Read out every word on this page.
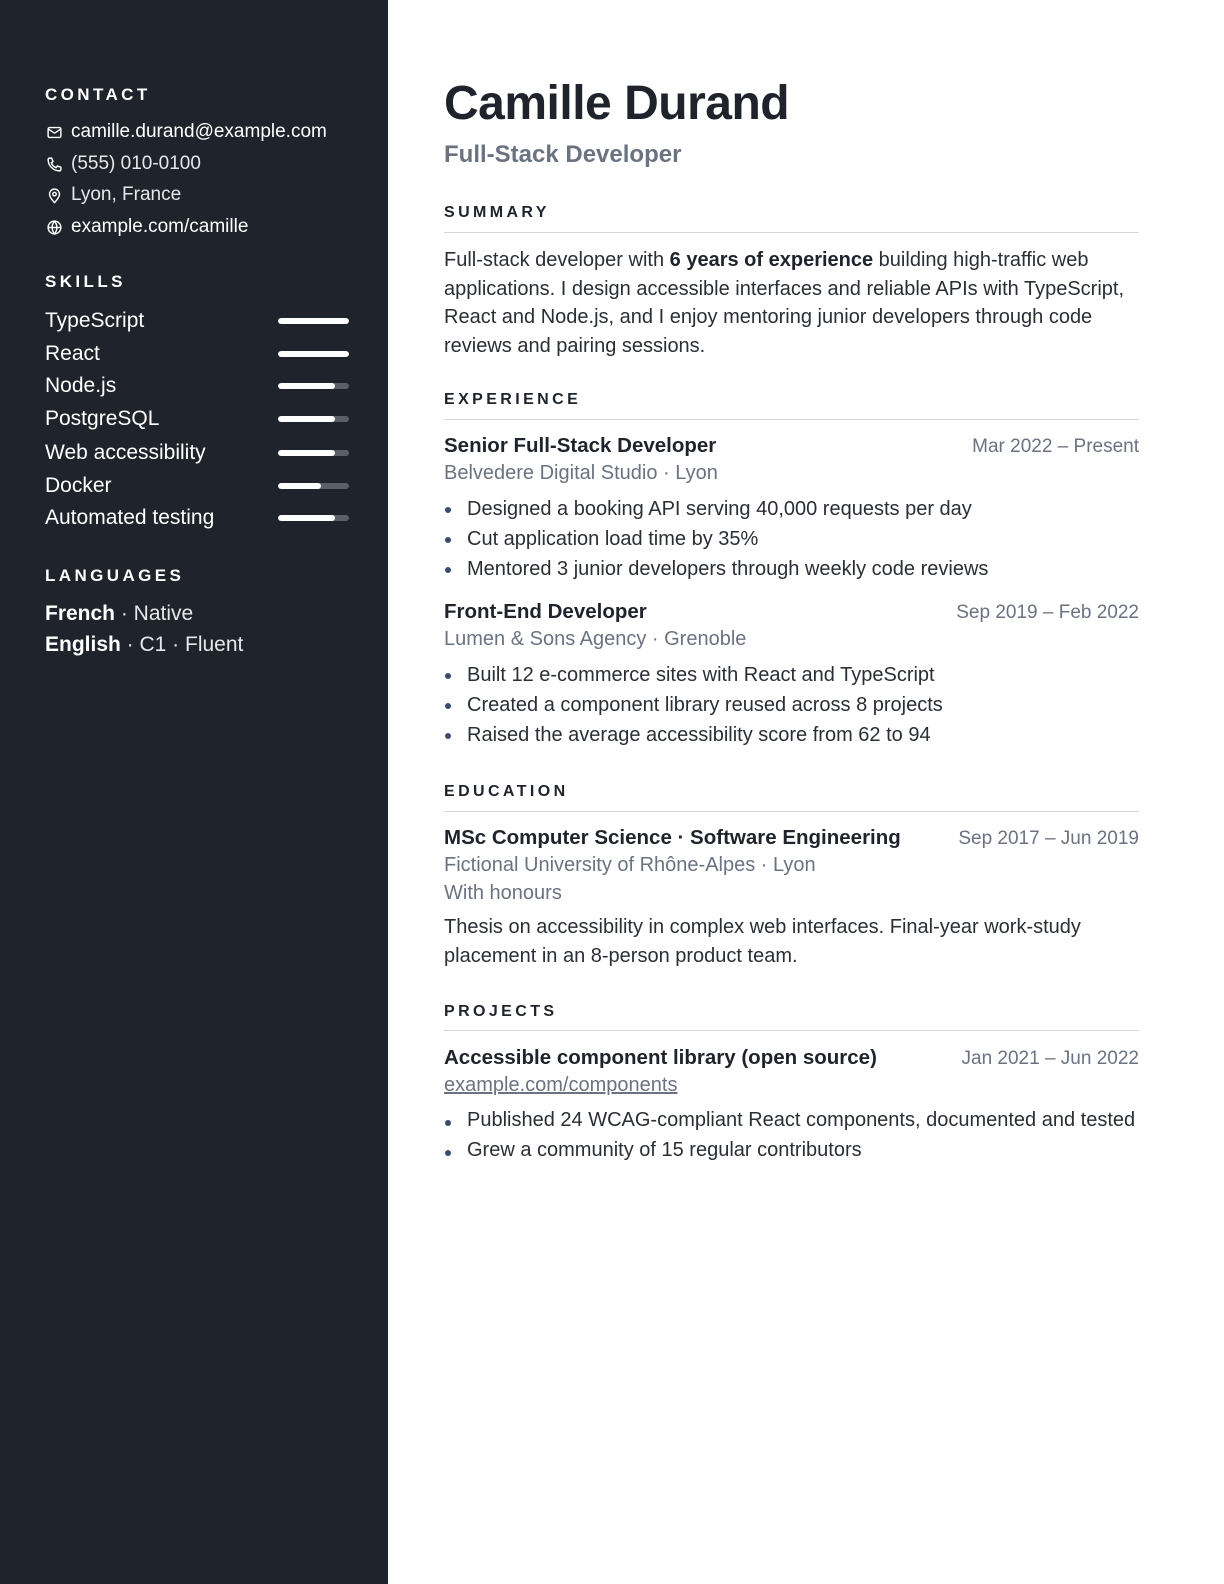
CONTACT
camille.durand@example.com
(555) 010-0100
Lyon, France
example.com/camille
SKILLS
TypeScript
React
Node.js
PostgreSQL
Web accessibility
Docker
Automated testing
LANGUAGES
French · Native
English · C1 · Fluent
Camille Durand
Full-Stack Developer
SUMMARY

Full-stack developer with 6 years of experience building high-traffic web applications. I design accessible interfaces and reliable APIs with TypeScript, React and Node.js, and I enjoy mentoring junior developers through code reviews and pairing sessions.

EXPERIENCE
Senior Full-Stack Developer	Mar 2022 – Present
Belvedere Digital Studio · Lyon
Designed a booking API serving 40,000 requests per day
Cut application load time by 35%
Mentored 3 junior developers through weekly code reviews
Front-End Developer	Sep 2019 – Feb 2022
Lumen & Sons Agency · Grenoble
Built 12 e-commerce sites with React and TypeScript
Created a component library reused across 8 projects
Raised the average accessibility score from 62 to 94
EDUCATION
MSc Computer Science · Software Engineering	Sep 2017 – Jun 2019
Fictional University of Rhône-Alpes · Lyon
With honours

Thesis on accessibility in complex web interfaces. Final-year work-study placement in an 8-person product team.

PROJECTS
Accessible component library (open source)	Jan 2021 – Jun 2022
example.com/components
Published 24 WCAG-compliant React components, documented and tested
Grew a community of 15 regular contributors
